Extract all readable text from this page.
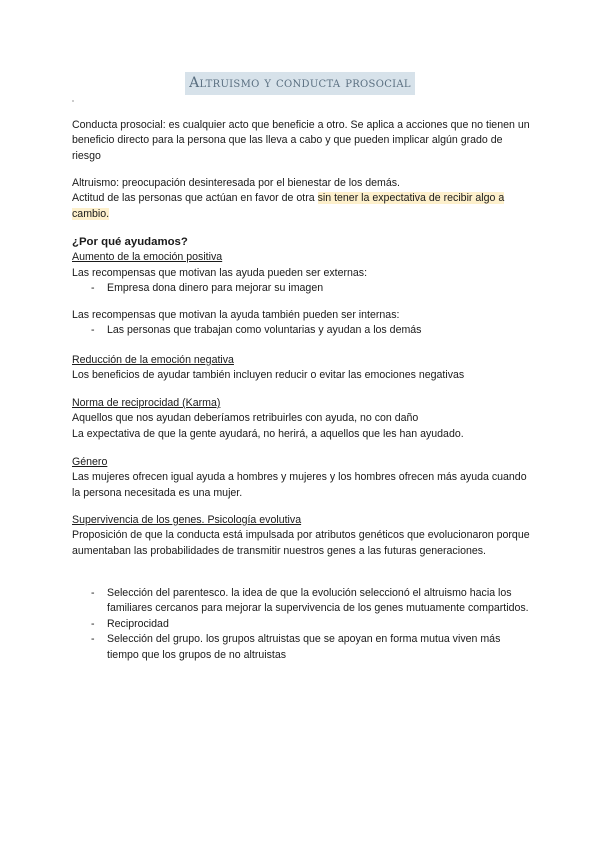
Altruismo y conducta prosocial

Conducta prosocial: es cualquier acto que beneficie a otro. Se aplica a acciones que no tienen un beneficio directo para la persona que las lleva a cabo y que pueden implicar algún grado de riesgo

Altruismo: preocupación desinteresada por el bienestar de los demás.

Actitud de las personas que actúan en favor de otra sin tener la expectativa de recibir algo a cambio.

¿Por qué ayudamos?

Aumento de la emoción positiva

Las recompensas que motivan las ayuda pueden ser externas:

- Empresa dona dinero para mejorar su imagen

Las recompensas que motivan la ayuda también pueden ser internas:

- Las personas que trabajan como voluntarias y ayudan a los demás

Reducción de la emoción negativa

Los beneficios de ayudar también incluyen reducir o evitar las emociones negativas

Norma de reciprocidad (Karma)

Aquellos que nos ayudan deberíamos retribuirles con ayuda, no con daño

La expectativa de que la gente ayudará, no herirá, a aquellos que les han ayudado.

Género

Las mujeres ofrecen igual ayuda a hombres y mujeres y los hombres ofrecen más ayuda cuando la persona necesitada es una mujer.

Supervivencia de los genes. Psicología evolutiva

Proposición de que la conducta está impulsada por atributos genéticos que evolucionaron porque aumentaban las probabilidades de transmitir nuestros genes a las futuras generaciones.

- Selección del parentesco. la idea de que la evolución seleccionó el altruismo hacia los familiares cercanos para mejorar la supervivencia de los genes mutuamente compartidos.
- Reciprocidad
- Selección del grupo. los grupos altruistas que se apoyan en forma mutua viven más tiempo que los grupos de no altruistas
